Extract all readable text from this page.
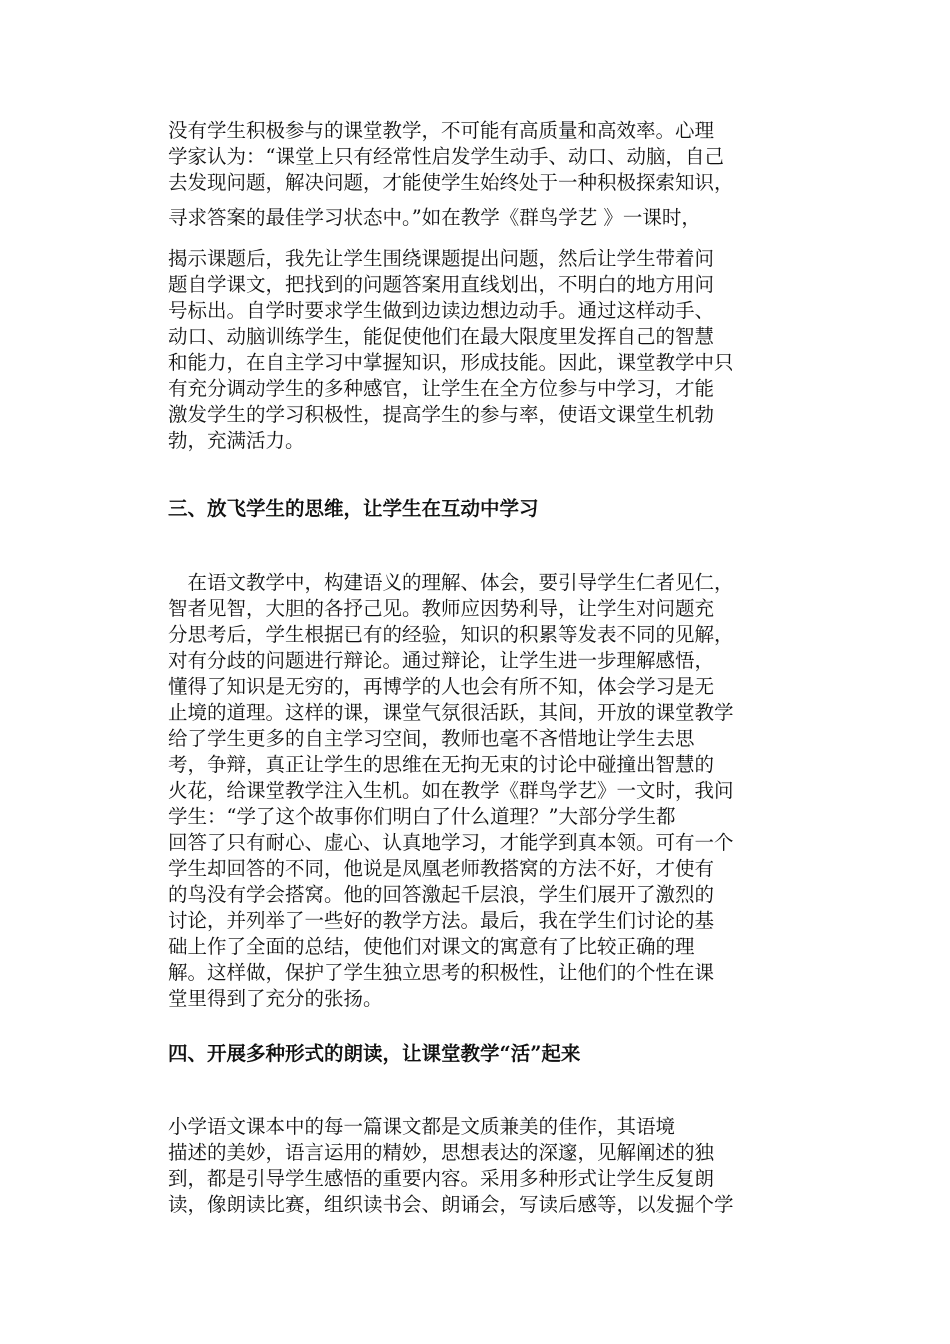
没有学生积极参与的课堂教学，不可能有高质量和高效率。心理
学家认为：“课堂上只有经常性启发学生动手、动口、动脑，自己
去发现问题，解决问题，才能使学生始终处于一种积极探索知识，
寻求答案的最佳学习状态中。”如在教学《群鸟学艺 》一课时，
揭示课题后，我先让学生围绕课题提出问题，然后让学生带着问
题自学课文，把找到的问题答案用直线划出，不明白的地方用问
号标出。自学时要求学生做到边读边想边动手。通过这样动手、
动口、动脑训练学生，能促使他们在最大限度里发挥自己的智慧
和能力，在自主学习中掌握知识，形成技能。因此，课堂教学中只
有充分调动学生的多种感官，让学生在全方位参与中学习，才能
激发学生的学习积极性，提高学生的参与率，使语文课堂生机勃
勃，充满活力。
三、放飞学生的思维，让学生在互动中学习
　在语文教学中，构建语义的理解、体会，要引导学生仁者见仁，
智者见智，大胆的各抒己见。教师应因势利导，让学生对问题充
分思考后，学生根据已有的经验，知识的积累等发表不同的见解，
对有分歧的问题进行辩论。通过辩论，让学生进一步理解感悟，
懂得了知识是无穷的，再博学的人也会有所不知，体会学习是无
止境的道理。这样的课，课堂气氛很活跃，其间，开放的课堂教学
给了学生更多的自主学习空间，教师也毫不吝惜地让学生去思
考，争辩，真正让学生的思维在无拘无束的讨论中碰撞出智慧的
火花，给课堂教学注入生机。如在教学《群鸟学艺》一文时，我问
学生：“学了这个故事你们明白了什么道理？”大部分学生都
回答了只有耐心、虚心、认真地学习，才能学到真本领。可有一个
学生却回答的不同，他说是凤凰老师教搭窝的方法不好，才使有
的鸟没有学会搭窝。他的回答激起千层浪，学生们展开了激烈的
讨论，并列举了一些好的教学方法。最后，我在学生们讨论的基
础上作了全面的总结，使他们对课文的寓意有了比较正确的理
解。这样做，保护了学生独立思考的积极性，让他们的个性在课
堂里得到了充分的张扬。
四、开展多种形式的朗读，让课堂教学“活”起来
小学语文课本中的每一篇课文都是文质兼美的佳作，其语境
描述的美妙，语言运用的精妙，思想表达的深邃，见解阐述的独
到，都是引导学生感悟的重要内容。采用多种形式让学生反复朗
读，像朗读比赛，组织读书会、朗诵会，写读后感等，以发掘个学
